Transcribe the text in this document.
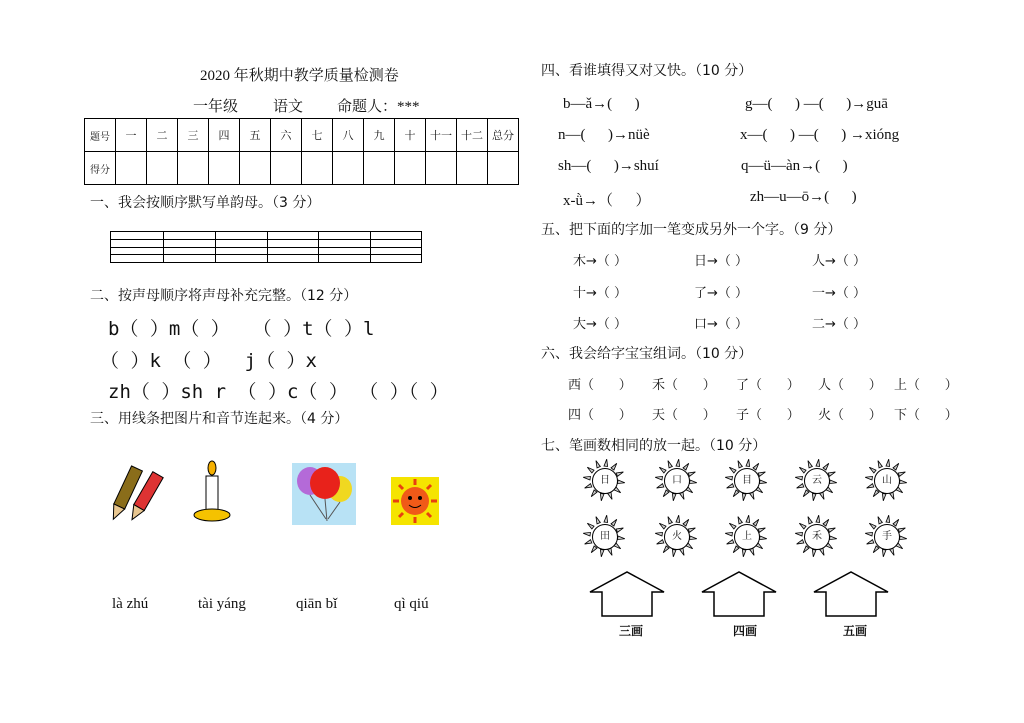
2020 年秋期中教学质量检测卷
一年级 语文 命题人：***
题号	一	二	三	四	五	六	七	八	九	十	十一	十二	总分
得分													
一、我会按顺序默写单韵母。（3 分）
二、按声母顺序将声母补充完整。（12 分）
b（ ）m（ ）  （ ）t（ ）l
（ ）k （ ）  j（ ）x
zh（ ）sh r （ ）c（ ） （ ）（ ）
三、用线条把图片和音节连起来。（4 分）
là zhú	tài yáng	qiān bǐ	qì qiú
四、看谁填得又对又快。（10 分）
b—ǎ→(      )	g—(      ) —(      )→guā
n—(      )→nüè	x—(      ) —(      ) →xióng
sh—(      )→shuí	q—ü—àn→(      )
x-ǜ→（      ）	zh—u—ō→(      )
五、把下面的字加一笔变成另外一个字。（9 分）
木→（ ）	日→（ ）	人→（ ）
十→（ ）	了→（ ）	一→（ ）
大→（ ）	口→（ ）	二→（ ）
六、我会给字宝宝组词。（10 分）
西（      ） 禾（      ） 了（      ） 人（      ） 上（      ）
四（      ） 天（      ） 子（      ） 火（      ） 下（      ）
七、笔画数相同的放一起。（10 分）
日	口	目	云	山
田	火	上	禾	手
三画	四画	五画
